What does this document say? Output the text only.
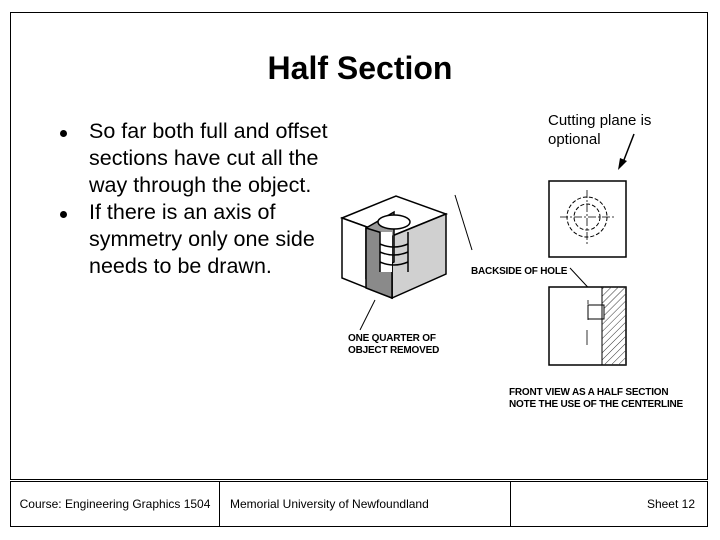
Half Section
So far both full and offset sections have cut all the way through the object.
If there is an axis of symmetry only one side needs to be drawn.
Cutting plane is optional
ONE QUARTER OF
OBJECT REMOVED
BACKSIDE OF HOLE
FRONT VIEW AS A HALF SECTION
NOTE THE USE OF THE CENTERLINE
Course: Engineering Graphics 1504 Memorial University of Newfoundland	Sheet 12
